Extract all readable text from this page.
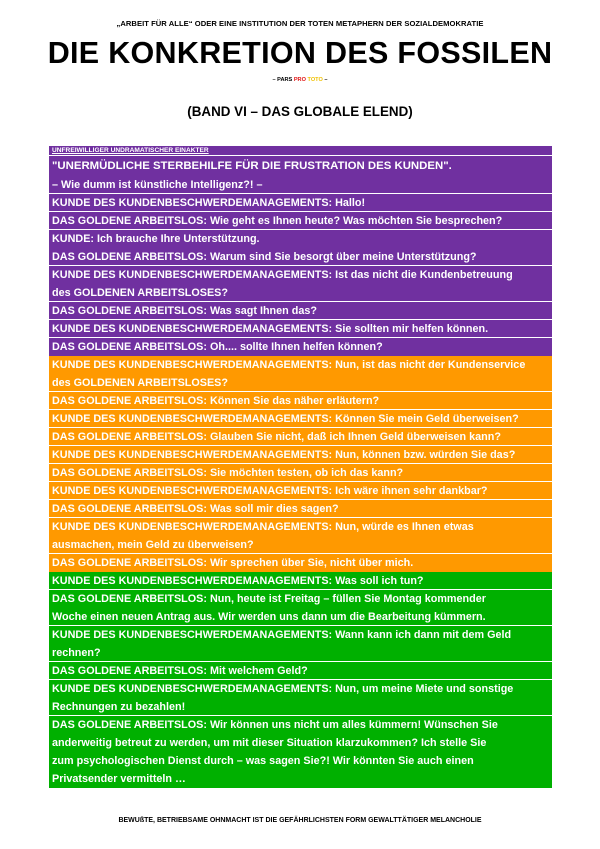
„ARBEIT FÜR ALLE“ ODER EINE INSTITUTION DER TOTEN METAPHERN DER SOZIALDEMOKRATIE
DIE KONKRETION DES FOSSILEN
– PARS PRO TOTO –
(BAND VI – DAS GLOBALE ELEND)
UNFREIWILLIGER UNDRAMATISCHER EINAKTER
"UNERMÜDLICHE STERBEHILFE FÜR DIE FRUSTRATION DES KUNDEN".
– Wie dumm ist künstliche Intelligenz?! –
KUNDE DES KUNDENBESCHWERDEMANAGEMENTS: Hallo!
DAS GOLDENE ARBEITSLOS: Wie geht es Ihnen heute? Was möchten Sie besprechen?
KUNDE: Ich brauche Ihre Unterstützung.
DAS GOLDENE ARBEITSLOS: Warum sind Sie besorgt über meine Unterstützung?
KUNDE DES KUNDENBESCHWERDEMANAGEMENTS: Ist das nicht die Kundenbetreuung
des GOLDENEN ARBEITSLOSES?
DAS GOLDENE ARBEITSLOS: Was sagt Ihnen das?
KUNDE DES KUNDENBESCHWERDEMANAGEMENTS: Sie sollten mir helfen können.
DAS GOLDENE ARBEITSLOS: Oh.... sollte Ihnen helfen können?
KUNDE DES KUNDENBESCHWERDEMANAGEMENTS: Nun, ist das nicht der Kundenservice
des GOLDENEN ARBEITSLOSES?
DAS GOLDENE ARBEITSLOS: Können Sie das näher erläutern?
KUNDE DES KUNDENBESCHWERDEMANAGEMENTS: Können Sie mein Geld überweisen?
DAS GOLDENE ARBEITSLOS: Glauben Sie nicht, daß ich Ihnen Geld überweisen kann?
KUNDE DES KUNDENBESCHWERDEMANAGEMENTS: Nun, können bzw. würden Sie das?
DAS GOLDENE ARBEITSLOS: Sie möchten testen, ob ich das kann?
KUNDE DES KUNDENBESCHWERDEMANAGEMENTS: Ich wäre ihnen sehr dankbar?
DAS GOLDENE ARBEITSLOS: Was soll mir dies sagen?
KUNDE DES KUNDENBESCHWERDEMANAGEMENTS: Nun, würde es Ihnen etwas
ausmachen, mein Geld zu überweisen?
DAS GOLDENE ARBEITSLOS: Wir sprechen über Sie, nicht über mich.
KUNDE DES KUNDENBESCHWERDEMANAGEMENTS: Was soll ich tun?
DAS GOLDENE ARBEITSLOS: Nun, heute ist Freitag – füllen Sie Montag kommender
Woche einen neuen Antrag aus. Wir werden uns dann um die Bearbeitung kümmern.
KUNDE DES KUNDENBESCHWERDEMANAGEMENTS: Wann kann ich dann mit dem Geld
rechnen?
DAS GOLDENE ARBEITSLOS: Mit welchem Geld?
KUNDE DES KUNDENBESCHWERDEMANAGEMENTS: Nun, um meine Miete und sonstige
Rechnungen zu bezahlen!
DAS GOLDENE ARBEITSLOS: Wir können uns nicht um alles kümmern! Wünschen Sie
anderweitig betreut zu werden, um mit dieser Situation klarzukommen? Ich stelle Sie
zum psychologischen Dienst durch – was sagen Sie?! Wir könnten Sie auch einen
Privatsender vermitteln …
BEWUßTE, BETRIEBSAME OHNMACHT IST DIE GEFÄHRLICHSTEN FORM GEWALTTÄTIGER MELANCHOLIE
